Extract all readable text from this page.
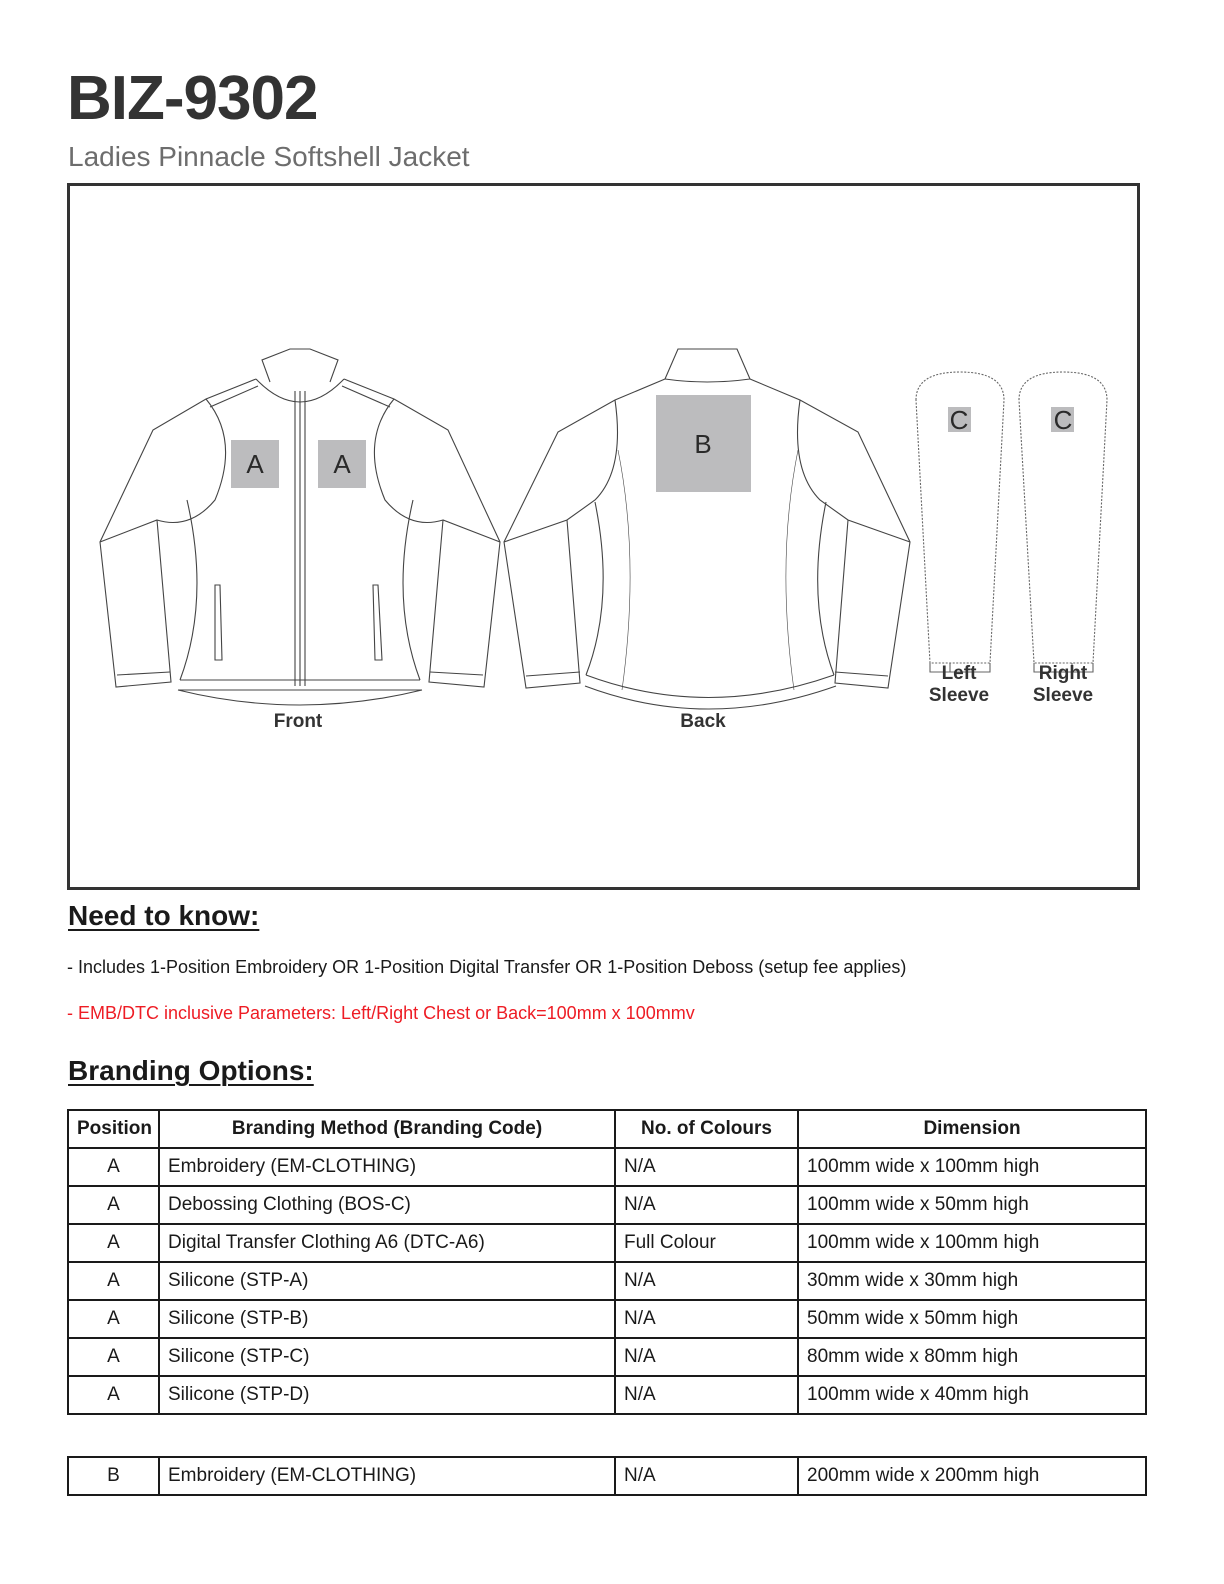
BIZ-9302
Ladies Pinnacle Softshell Jacket
A	A
B
C	C
Front	Back
Left
Sleeve
Right
Sleeve
Need to know:
- Includes 1-Position Embroidery OR 1-Position Digital Transfer OR 1-Position Deboss (setup fee applies)
- EMB/DTC inclusive Parameters: Left/Right Chest or Back=100mm x 100mmv
Branding Options:
Position	Branding Method (Branding Code)	No. of Colours	Dimension
A	Embroidery (EM-CLOTHING)	N/A	100mm wide x 100mm high
A	Debossing Clothing (BOS-C)	N/A	100mm wide x 50mm high
A	Digital Transfer Clothing A6 (DTC-A6)	Full Colour	100mm wide x 100mm high
A	Silicone (STP-A)	N/A	30mm wide x 30mm high
A	Silicone (STP-B)	N/A	50mm wide x 50mm high
A	Silicone (STP-C)	N/A	80mm wide x 80mm high
A	Silicone (STP-D)	N/A	100mm wide x 40mm high
B	Embroidery (EM-CLOTHING)	N/A	200mm wide x 200mm high
